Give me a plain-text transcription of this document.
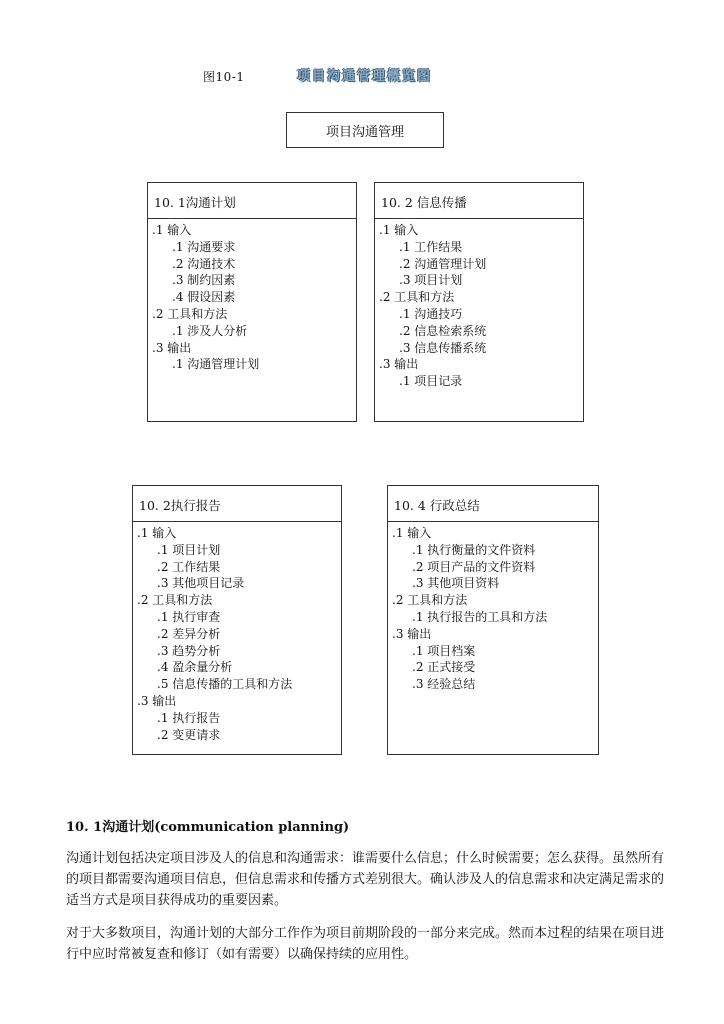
图10-1	项目沟通管理概览图
项目沟通管理
10. 1沟通计划
.1 输入
.1 沟通要求
.2 沟通技术
.3 制约因素
.4 假设因素
.2 工具和方法
.1 涉及人分析
.3 输出
.1 沟通管理计划
10. 2 信息传播
.1 输入
.1 工作结果
.2 沟通管理计划
.3 项目计划
.2 工具和方法
.1 沟通技巧
.2 信息检索系统
.3 信息传播系统
.3 输出
.1 项目记录
10. 2执行报告
.1 输入
.1 项目计划
.2 工作结果
.3 其他项目记录
.2 工具和方法
.1 执行审查
.2 差异分析
.3 趋势分析
.4 盈余量分析
.5 信息传播的工具和方法
.3 输出
.1 执行报告
.2 变更请求
10. 4 行政总结
.1 输入
.1 执行衡量的文件资料
.2 项目产品的文件资料
.3 其他项目资料
.2 工具和方法
.1 执行报告的工具和方法
.3 输出
.1 项目档案
.2 正式接受
.3 经验总结
10. 1沟通计划(communication planning)

沟通计划包括决定项目涉及人的信息和沟通需求：谁需要什么信息；什么时候需要；怎么获得。虽然所有的项目都需要沟通项目信息，但信息需求和传播方式差别很大。确认涉及人的信息需求和决定满足需求的适当方式是项目获得成功的重要因素。

对于大多数项目，沟通计划的大部分工作作为项目前期阶段的一部分来完成。然而本过程的结果在项目进行中应时常被复查和修订（如有需要）以确保持续的应用性。
